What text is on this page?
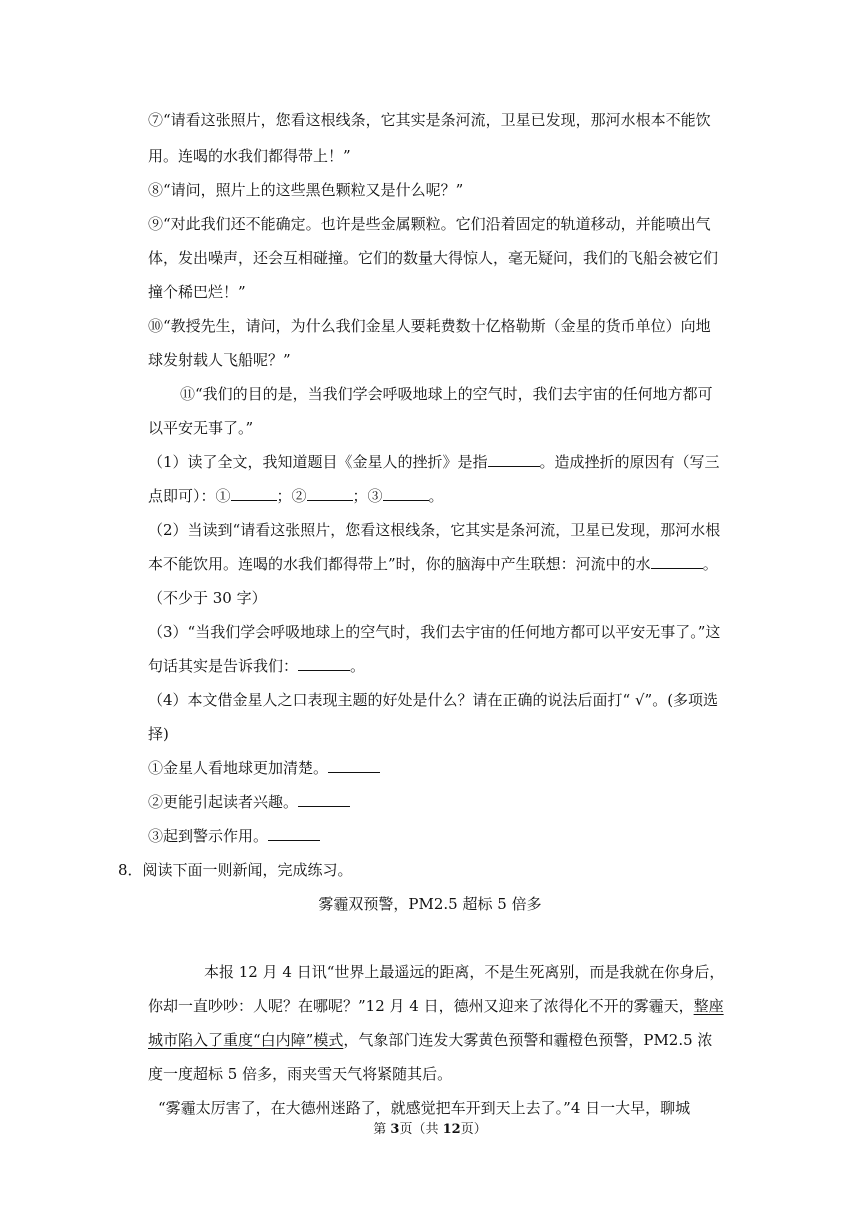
⑦“请看这张照片，您看这根线条，它其实是条河流，卫星已发现，那河水根本不能饮
用。连喝的水我们都得带上！”
⑧“请问，照片上的这些黑色颗粒又是什么呢？”
⑨“对此我们还不能确定。也许是些金属颗粒。它们沿着固定的轨道移动，并能喷出气
体，发出噪声，还会互相碰撞。它们的数量大得惊人，毫无疑问，我们的飞船会被它们
撞个稀巴烂！”
⑩“教授先生，请问，为什么我们金星人要耗费数十亿格勒斯（金星的货币单位）向地
球发射载人飞船呢？”
⑪“我们的目的是，当我们学会呼吸地球上的空气时，我们去宇宙的任何地方都可
以平安无事了。”
（1）读了全文，我知道题目《金星人的挫折》是指	。造成挫折的原因有（写三
点即可）：①	；②	；③	。
（2）当读到“请看这张照片，您看这根线条，它其实是条河流，卫星已发现，那河水根
本不能饮用。连喝的水我们都得带上”时，你的脑海中产生联想：河流中的水	。
（不少于 30 字）
（3）“当我们学会呼吸地球上的空气时，我们去宇宙的任何地方都可以平安无事了。”这
句话其实是告诉我们：	。
（4）本文借金星人之口表现主题的好处是什么？请在正确的说法后面打“ √”。(多项选
择)
①金星人看地球更加清楚。
②更能引起读者兴趣。
③起到警示作用。
8．阅读下面一则新闻，完成练习。
雾霾双预警，PM2.5 超标 5 倍多
本报 12 月 4 日讯“世界上最遥远的距离，不是生死离别，而是我就在你身后，
你却一直吵吵：人呢？在哪呢？”12 月 4 日，德州又迎来了浓得化不开的雾霾天，整座
城市陷入了重度“白内障”模式，气象部门连发大雾黄色预警和霾橙色预警，PM2.5 浓
度一度超标 5 倍多，雨夹雪天气将紧随其后。
“雾霾太厉害了，在大德州迷路了，就感觉把车开到天上去了。”4 日一大早，聊城
第 3页（共 12页）
